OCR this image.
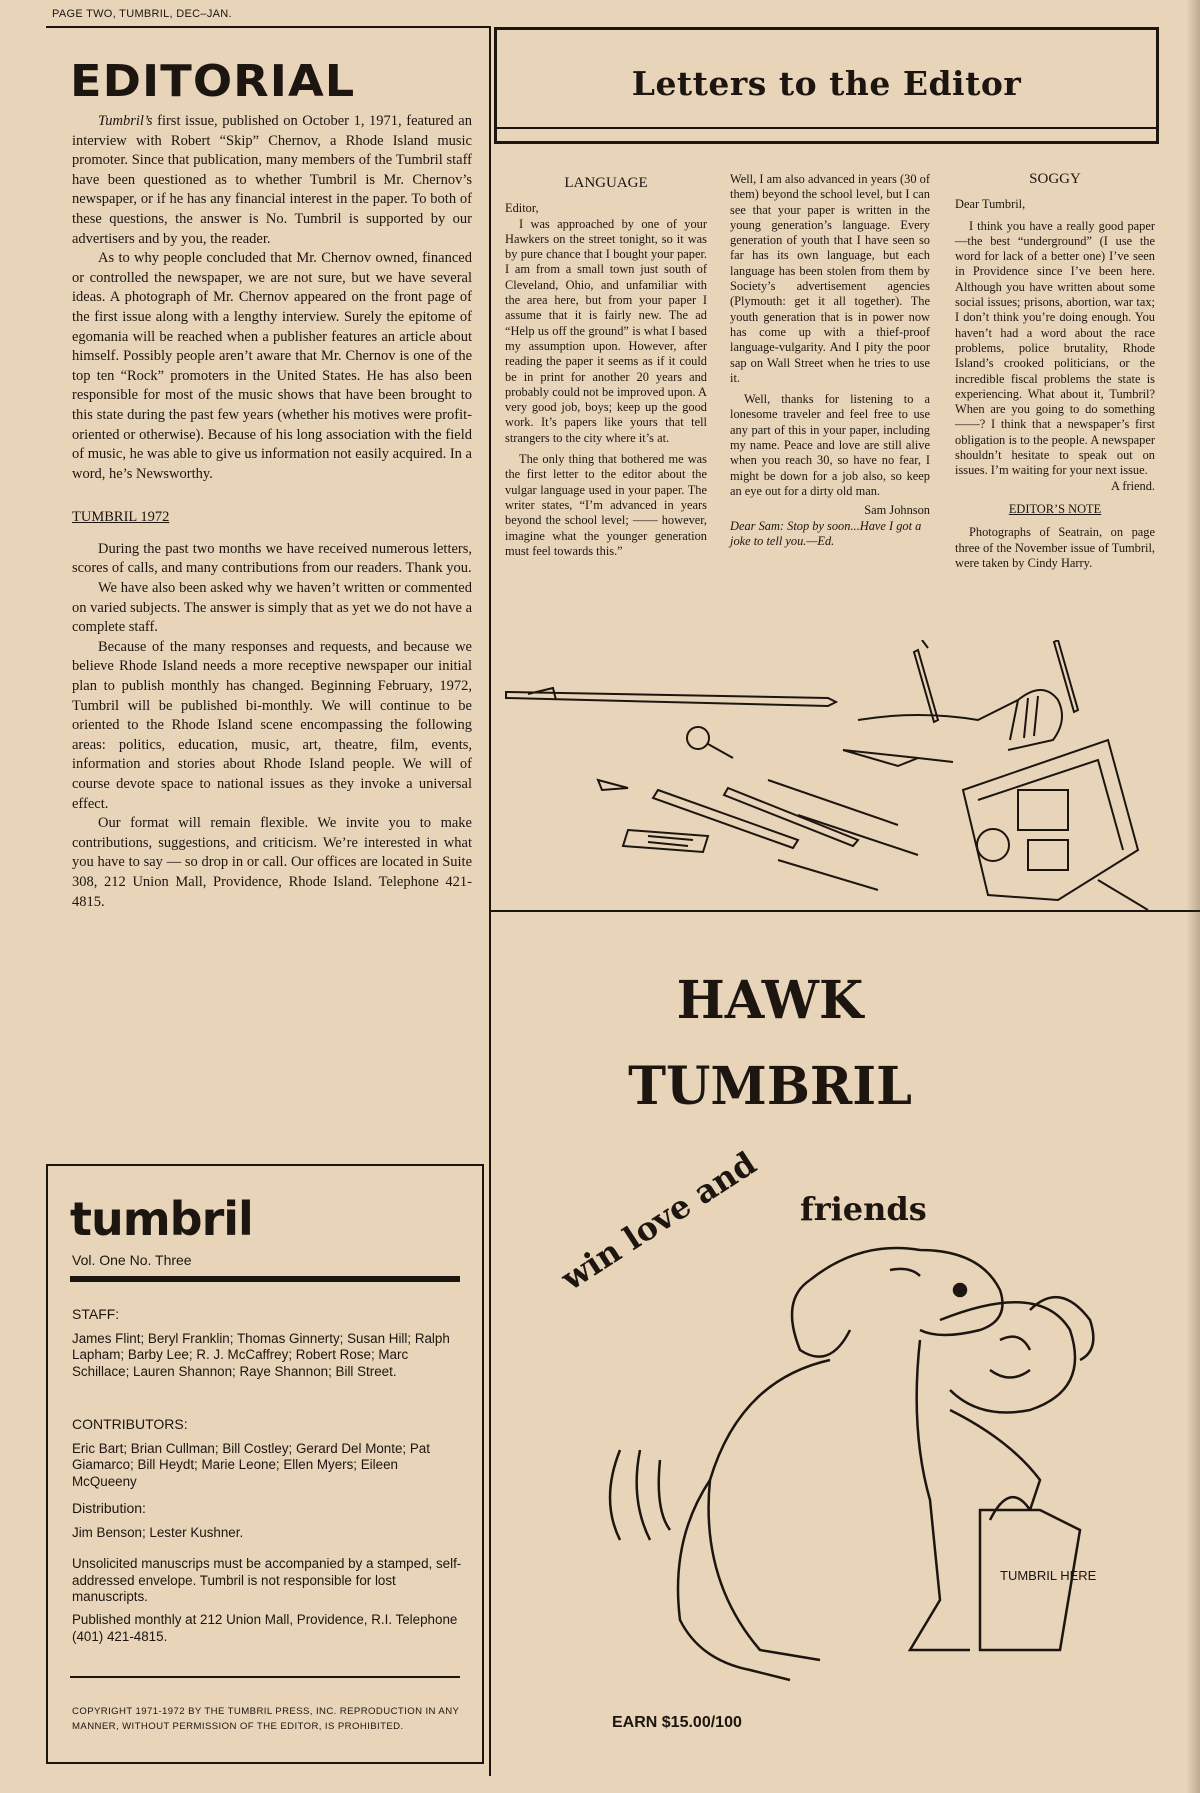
PAGE TWO, TUMBRIL, DEC–JAN.
EDITORIAL

Tumbril’s first issue, published on October 1, 1971, featured an interview with Robert “Skip” Chernov, a Rhode Island music promoter. Since that publication, many members of the Tumbril staff have been questioned as to whether Tumbril is Mr. Chernov’s newspaper, or if he has any financial interest in the paper. To both of these questions, the answer is No. Tumbril is supported by our advertisers and by you, the reader.

As to why people concluded that Mr. Chernov owned, financed or controlled the newspaper, we are not sure, but we have several ideas. A photograph of Mr. Chernov appeared on the front page of the first issue along with a lengthy interview. Surely the epitome of egomania will be reached when a publisher features an article about himself. Possibly people aren’t aware that Mr. Chernov is one of the top ten “Rock” promoters in the United States. He has also been responsible for most of the music shows that have been brought to this state during the past few years (whether his motives were profit-oriented or otherwise). Because of his long association with the field of music, he was able to give us information not easily acquired. In a word, he’s Newsworthy.

TUMBRIL 1972

During the past two months we have received numerous letters, scores of calls, and many contributions from our readers. Thank you.

We have also been asked why we haven’t written or commented on varied subjects. The answer is simply that as yet we do not have a complete staff.

Because of the many responses and requests, and because we believe Rhode Island needs a more receptive newspaper our initial plan to publish monthly has changed. Beginning February, 1972, Tumbril will be published bi-monthly. We will continue to be oriented to the Rhode Island scene encompassing the following areas: politics, education, music, art, theatre, film, events, information and stories about Rhode Island people. We will of course devote space to national issues as they invoke a universal effect.

Our format will remain flexible. We invite you to make contributions, suggestions, and criticism. We’re interested in what you have to say — so drop in or call. Our offices are located in Suite 308, 212 Union Mall, Providence, Rhode Island. Telephone 421-4815.

tumbril
Vol. One No. Three
STAFF:
James Flint; Beryl Franklin; Thomas Ginnerty; Susan Hill; Ralph Lapham; Barby Lee; R. J. McCaffrey; Robert Rose; Marc Schillace; Lauren Shannon; Raye Shannon; Bill Street.
CONTRIBUTORS:
Eric Bart; Brian Cullman; Bill Costley; Gerard Del Monte; Pat Giamarco; Bill Heydt; Marie Leone; Ellen Myers; Eileen McQueeny
Distribution:
Jim Benson; Lester Kushner.
Unsolicited manuscrips must be accompanied by a stamped, self-addressed envelope. Tumbril is not responsible for lost manuscripts.
Published monthly at 212 Union Mall, Providence, R.I. Telephone (401) 421-4815.
COPYRIGHT 1971-1972 BY THE TUMBRIL PRESS, INC. REPRODUCTION IN ANY MANNER, WITHOUT PERMISSION OF THE EDITOR, IS PROHIBITED.
Letters to the Editor

LANGUAGE

Editor,

I was approached by one of your Hawkers on the street tonight, so it was by pure chance that I bought your paper. I am from a small town just south of Cleveland, Ohio, and unfamiliar with the area here, but from your paper I assume that it is fairly new. The ad “Help us off the ground” is what I based my assumption upon. However, after reading the paper it seems as if it could be in print for another 20 years and probably could not be improved upon. A very good job, boys; keep up the good work. It’s papers like yours that tell strangers to the city where it’s at.

The only thing that bothered me was the first letter to the editor about the vulgar language used in your paper. The writer states, “I’m advanced in years beyond the school level; —— however, imagine what the younger generation must feel towards this.”

Well, I am also advanced in years (30 of them) beyond the school level, but I can see that your paper is written in the young generation’s language. Every generation of youth that I have seen so far has its own language, but each language has been stolen from them by Society’s advertisement agencies (Plymouth: get it all together). The youth generation that is in power now has come up with a thief-proof language-vulgarity. And I pity the poor sap on Wall Street when he tries to use it.

Well, thanks for listening to a lonesome traveler and feel free to use any part of this in your paper, including my name. Peace and love are still alive when you reach 30, so have no fear, I might be down for a job also, so keep an eye out for a dirty old man.

Sam Johnson

Dear Sam: Stop by soon...Have I got a joke to tell you.—Ed.

SOGGY

Dear Tumbril,

I think you have a really good paper—the best “underground” (I use the word for lack of a better one) I’ve seen in Providence since I’ve been here. Although you have written about some social issues; prisons, abortion, war tax; I don’t think you’re doing enough. You haven’t had a word about the race problems, police brutality, Rhode Island’s crooked politicians, or the incredible fiscal problems the state is experiencing. What about it, Tumbril? When are you going to do something——? I think that a newspaper’s first obligation is to the people. A newspaper shouldn’t hesitate to speak out on issues. I’m waiting for your next issue.

A friend.

EDITOR’S NOTE

Photographs of Seatrain, on page three of the November issue of Tumbril, were taken by Cindy Harry.

HAWK
TUMBRIL
win love and friends
TUMBRIL HERE
EARN $15.00/100
